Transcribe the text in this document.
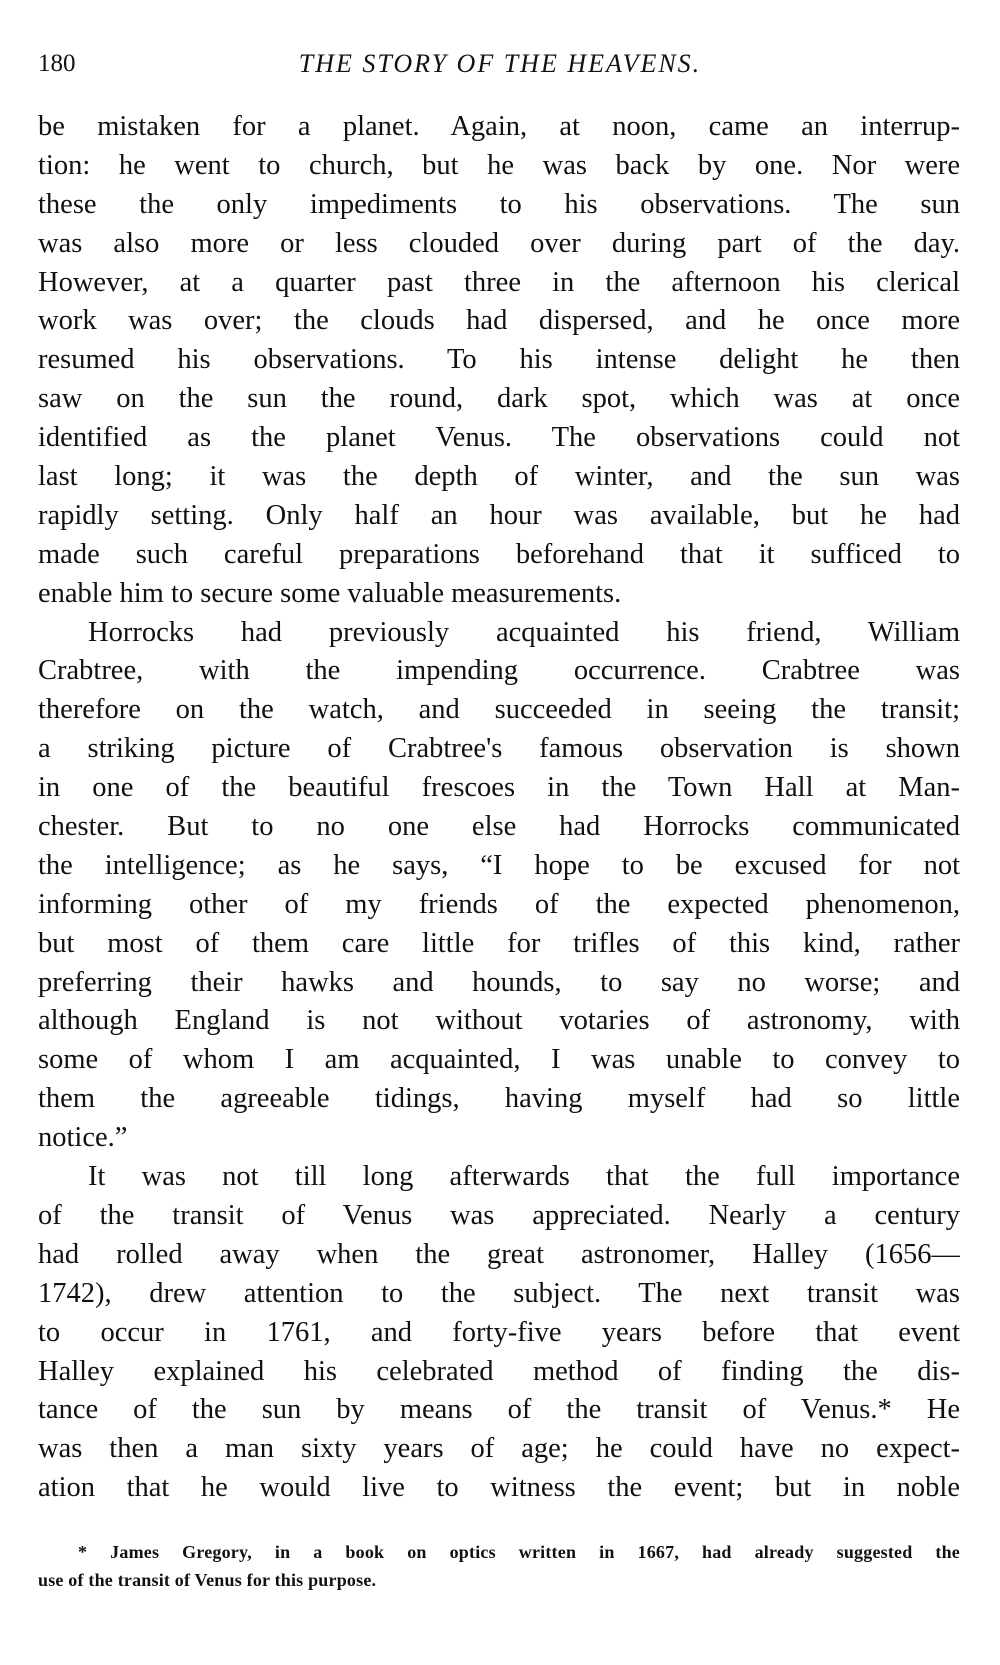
180	THE STORY OF THE HEAVENS.
be mistaken for a planet. Again, at noon, came an interrup-
tion: he went to church, but he was back by one. Nor were
these the only impediments to his observations. The sun
was also more or less clouded over during part of the day.
However, at a quarter past three in the afternoon his clerical
work was over; the clouds had dispersed, and he once more
resumed his observations. To his intense delight he then
saw on the sun the round, dark spot, which was at once
identified as the planet Venus. The observations could not
last long; it was the depth of winter, and the sun was
rapidly setting. Only half an hour was available, but he had
made such careful preparations beforehand that it sufficed to
enable him to secure some valuable measurements.
Horrocks had previously acquainted his friend, William
Crabtree, with the impending occurrence. Crabtree was
therefore on the watch, and succeeded in seeing the transit;
a striking picture of Crabtree's famous observation is shown
in one of the beautiful frescoes in the Town Hall at Man-
chester. But to no one else had Horrocks communicated
the intelligence; as he says, “I hope to be excused for not
informing other of my friends of the expected phenomenon,
but most of them care little for trifles of this kind, rather
preferring their hawks and hounds, to say no worse; and
although England is not without votaries of astronomy, with
some of whom I am acquainted, I was unable to convey to
them the agreeable tidings, having myself had so little
notice.”
It was not till long afterwards that the full importance
of the transit of Venus was appreciated. Nearly a century
had rolled away when the great astronomer, Halley (1656—
1742), drew attention to the subject. The next transit was
to occur in 1761, and forty-five years before that event
Halley explained his celebrated method of finding the dis-
tance of the sun by means of the transit of Venus.* He
was then a man sixty years of age; he could have no expect-
ation that he would live to witness the event; but in noble
* James Gregory, in a book on optics written in 1667, had already suggested the
use of the transit of Venus for this purpose.
